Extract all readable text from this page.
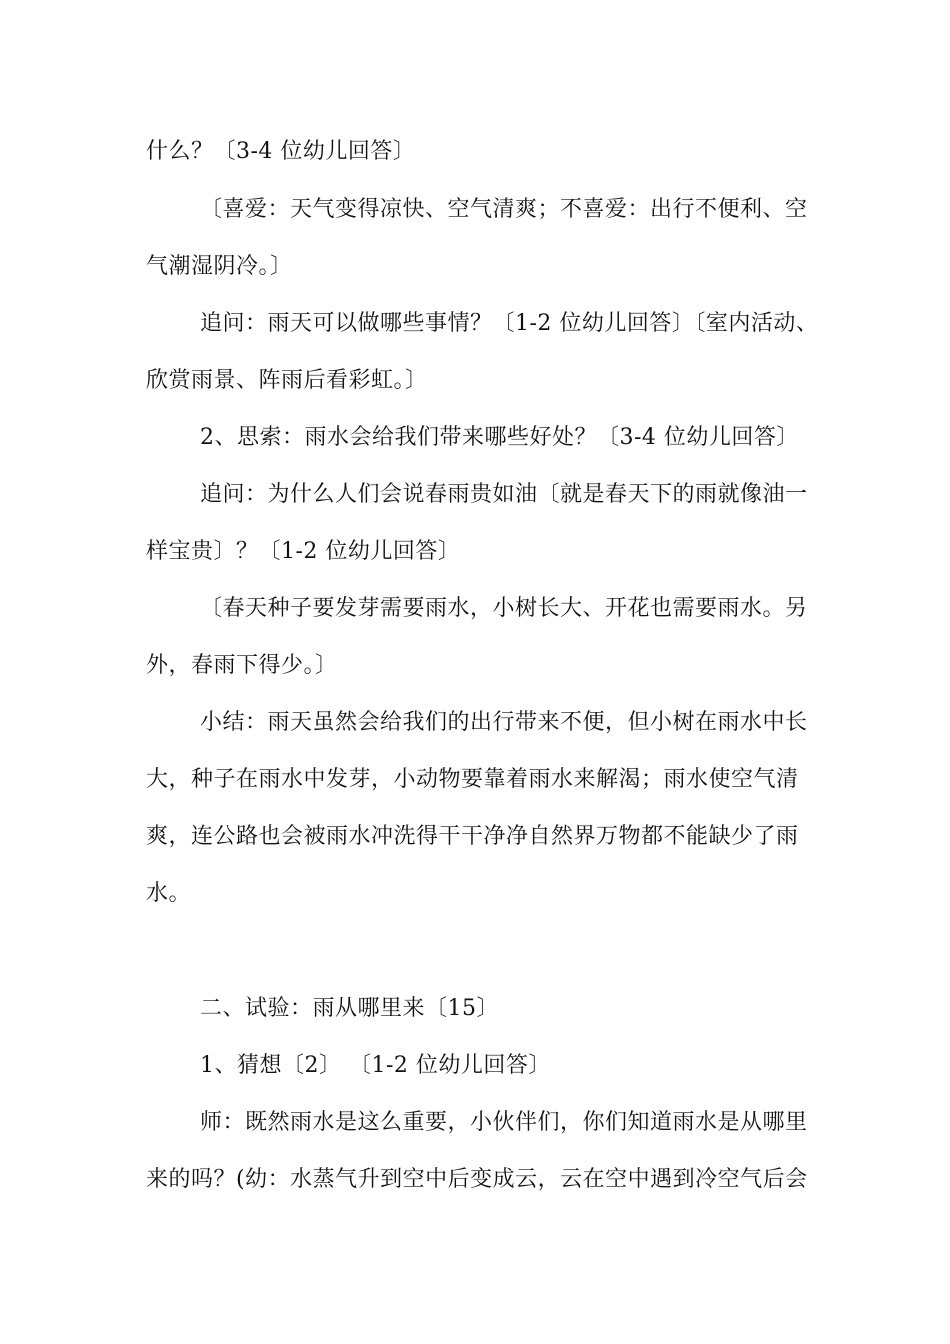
什么？〔3-4 位幼儿回答〕
〔喜爱：天气变得凉快、空气清爽；不喜爱：出行不便利、空
气潮湿阴冷。〕
追问：雨天可以做哪些事情？〔1-2 位幼儿回答〕〔室内活动、
欣赏雨景、阵雨后看彩虹。〕
2、思索：雨水会给我们带来哪些好处？〔3-4 位幼儿回答〕
追问：为什么人们会说春雨贵如油〔就是春天下的雨就像油一
样宝贵〕？〔1-2 位幼儿回答〕
〔春天种子要发芽需要雨水，小树长大、开花也需要雨水。另
外，春雨下得少。〕
小结：雨天虽然会给我们的出行带来不便，但小树在雨水中长
大，种子在雨水中发芽，小动物要靠着雨水来解渴；雨水使空气清
爽，连公路也会被雨水冲洗得干干净净自然界万物都不能缺少了雨
水。
二、试验：雨从哪里来〔15〕
1、猜想〔2〕 〔1-2 位幼儿回答〕
师：既然雨水是这么重要，小伙伴们，你们知道雨水是从哪里
来的吗？(幼：水蒸气升到空中后变成云，云在空中遇到冷空气后会
